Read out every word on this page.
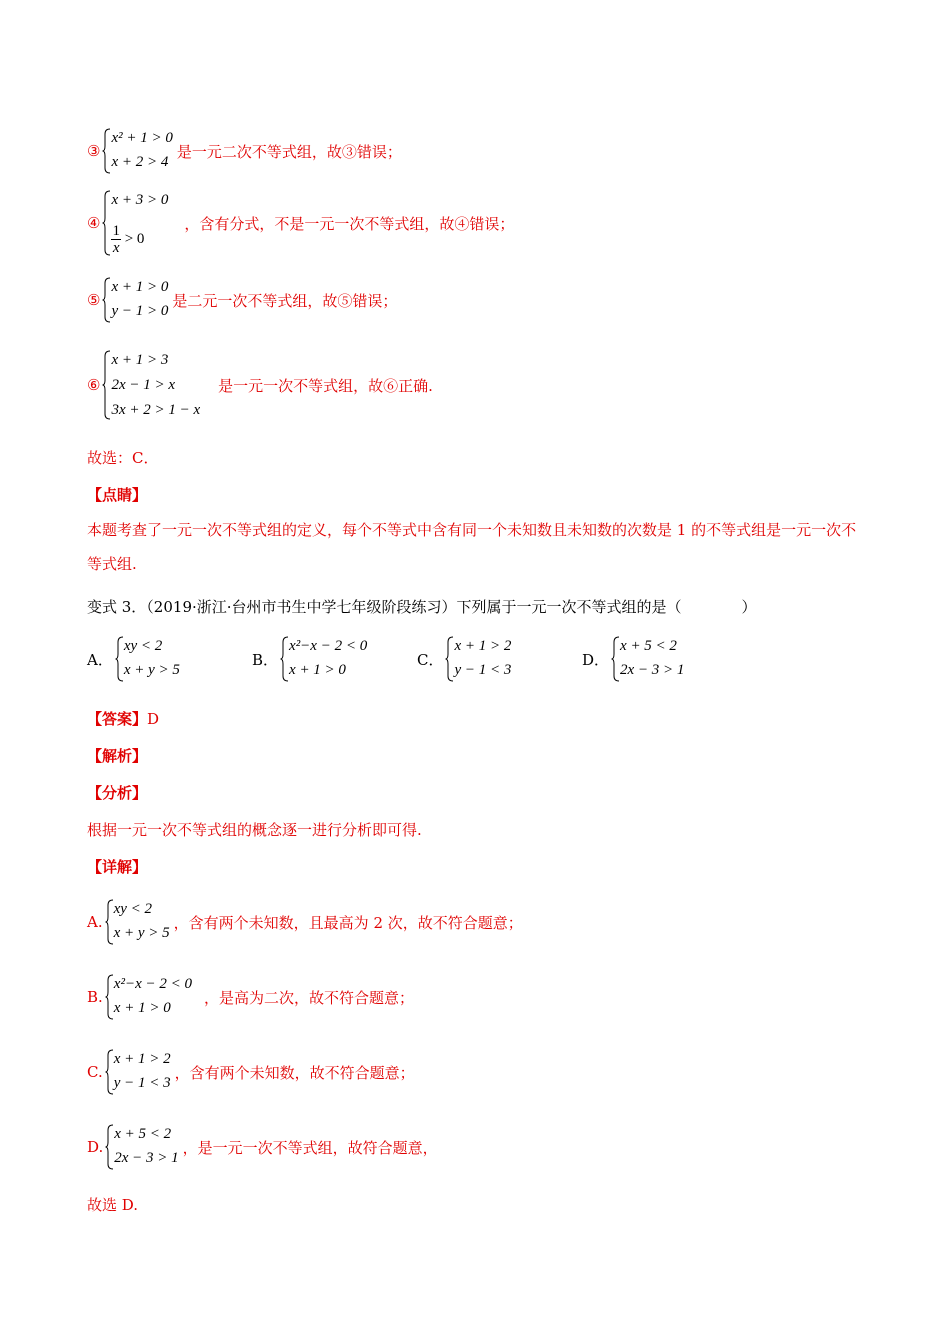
③
x² + 1 > 0
x + 2 > 4
是一元二次不等式组，故③错误；
④
x + 3 > 0
$\frac{1}{x} > 0$
，含有分式，不是一元一次不等式组，故④错误；
⑤
x + 1 > 0
y − 1 > 0
是二元一次不等式组，故⑤错误；
⑥
x + 1 > 3
2x − 1 > x
3x + 2 > 1 − x
是一元一次不等式组，故⑥正确.
故选：C．
【点睛】
本题考查了一元一次不等式组的定义，每个不等式中含有同一个未知数且未知数的次数是 1 的不等式组是一元一次不等式组.
变式 3．（2019·浙江·台州市书生中学七年级阶段练习）下列属于一元一次不等式组的是（　　　　）
A．
xy < 2
x + y > 5
B．
x²−x − 2 < 0
x + 1 > 0
C．
x + 1 > 2
y − 1 < 3
D．
x + 5 < 2
2x − 3 > 1
【答案】 D
【解析】
【分析】
根据一元一次不等式组的概念逐一进行分析即可得.
【详解】
A.
xy < 2
x + y > 5
，含有两个未知数，且最高为 2 次，故不符合题意；
B.
x²−x − 2 < 0
x + 1 > 0
，是高为二次，故不符合题意；
C.
x + 1 > 2
y − 1 < 3
，含有两个未知数，故不符合题意；
D.
x + 5 < 2
2x − 3 > 1
，是一元一次不等式组，故符合题意，
故选 D.
